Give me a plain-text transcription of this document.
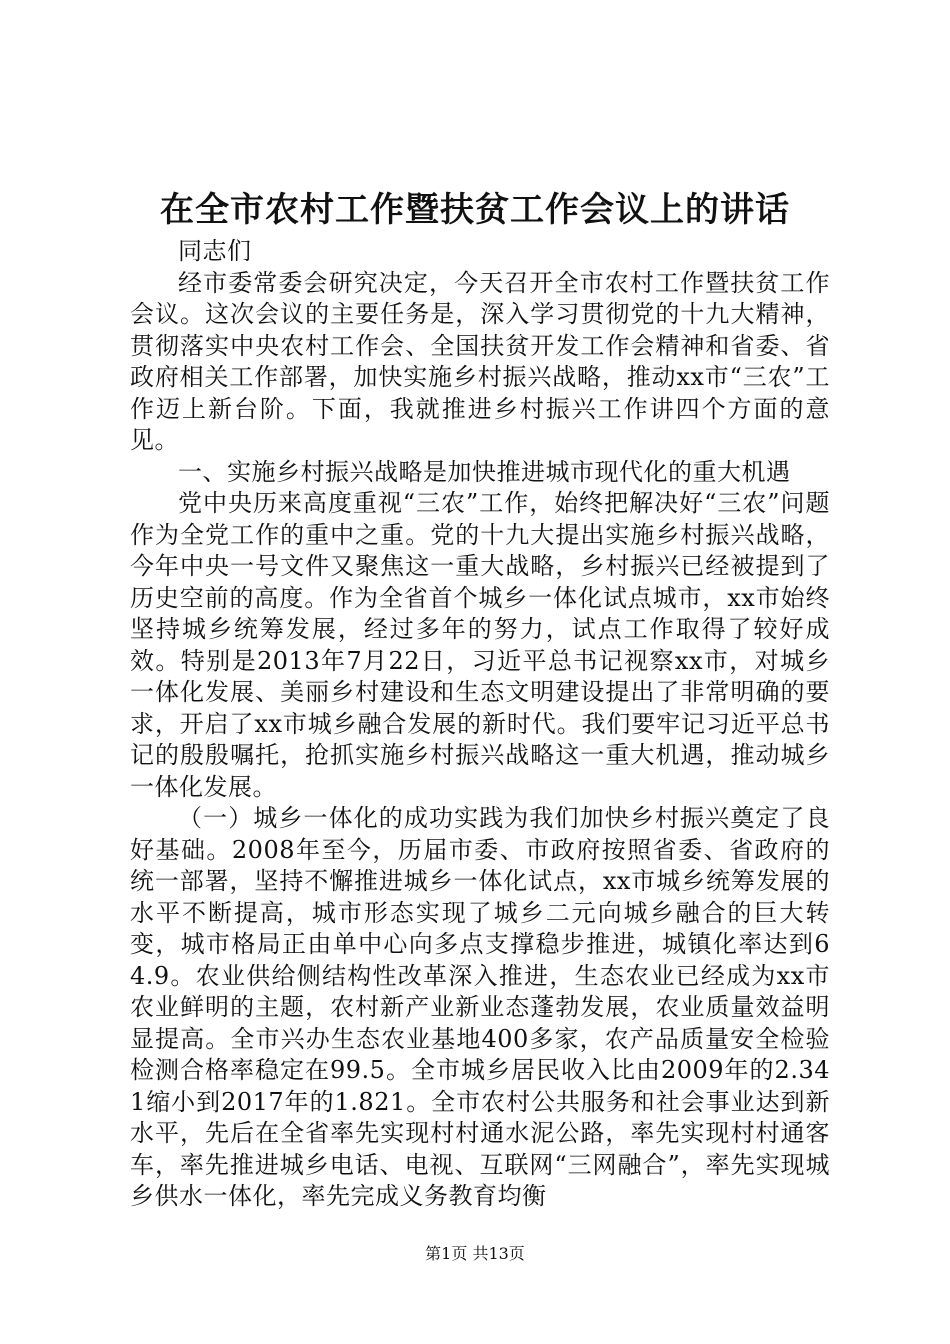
在全市农村工作暨扶贫工作会议上的讲话

同志们

经市委常委会研究决定，今天召开全市农村工作暨扶贫工作会议。这次会议的主要任务是，深入学习贯彻党的十九大精神，贯彻落实中央农村工作会、全国扶贫开发工作会精神和省委、省政府相关工作部署，加快实施乡村振兴战略，推动xx市“三农”工作迈上新台阶。下面，我就推进乡村振兴工作讲四个方面的意见。

一、实施乡村振兴战略是加快推进城市现代化的重大机遇

党中央历来高度重视“三农”工作，始终把解决好“三农”问题作为全党工作的重中之重。党的十九大提出实施乡村振兴战略，今年中央一号文件又聚焦这一重大战略，乡村振兴已经被提到了历史空前的高度。作为全省首个城乡一体化试点城市，xx市始终坚持城乡统筹发展，经过多年的努力，试点工作取得了较好成效。特别是2013年7月22日，习近平总书记视察xx市，对城乡一体化发展、美丽乡村建设和生态文明建设提出了非常明确的要求，开启了xx市城乡融合发展的新时代。我们要牢记习近平总书记的殷殷嘱托，抢抓实施乡村振兴战略这一重大机遇，推动城乡一体化发展。

（一）城乡一体化的成功实践为我们加快乡村振兴奠定了良好基础。2008年至今，历届市委、市政府按照省委、省政府的统一部署，坚持不懈推进城乡一体化试点，xx市城乡统筹发展的水平不断提高，城市形态实现了城乡二元向城乡融合的巨大转变，城市格局正由单中心向多点支撑稳步推进，城镇化率达到64.9。农业供给侧结构性改革深入推进，生态农业已经成为xx市农业鲜明的主题，农村新产业新业态蓬勃发展，农业质量效益明显提高。全市兴办生态农业基地400多家，农产品质量安全检验检测合格率稳定在99.5。全市城乡居民收入比由2009年的2.341缩小到2017年的1.821。全市农村公共服务和社会事业达到新水平，先后在全省率先实现村村通水泥公路，率先实现村村通客车，率先推进城乡电话、电视、互联网“三网融合”，率先实现城乡供水一体化，率先完成义务教育均衡

第1页 共13页
